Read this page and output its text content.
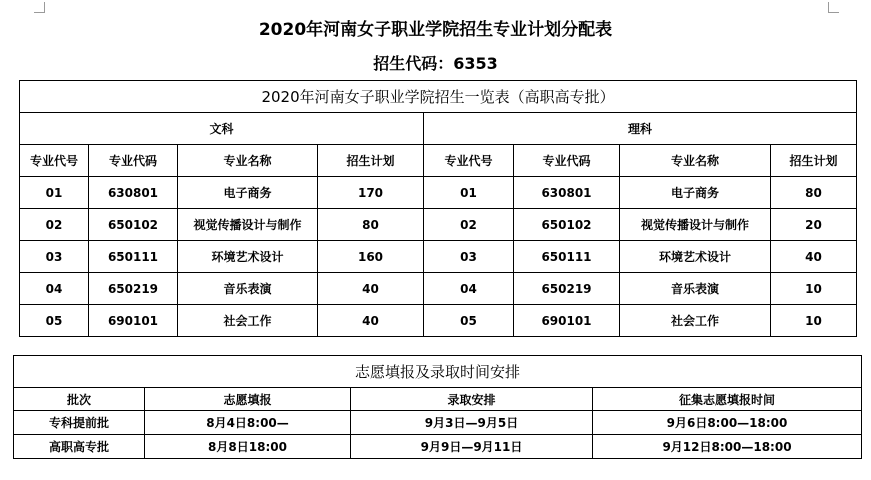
2020年河南女子职业学院招生专业计划分配表
招生代码：6353
2020年河南女子职业学院招生一览表（高职高专批）							
文科				理科			
专业代号	专业代码	专业名称	招生计划	专业代号	专业代码	专业名称	招生计划
01	630801	电子商务	170	01	630801	电子商务	80
02	650102	视觉传播设计与制作	80	02	650102	视觉传播设计与制作	20
03	650111	环境艺术设计	160	03	650111	环境艺术设计	40
04	650219	音乐表演	40	04	650219	音乐表演	10
05	690101	社会工作	40	05	690101	社会工作	10
志愿填报及录取时间安排			
批次	志愿填报	录取安排	征集志愿填报时间
专科提前批	8月4日8:00—	9月3日—9月5日	9月6日8:00—18:00
高职高专批	8月8日18:00	9月9日—9月11日	9月12日8:00—18:00
